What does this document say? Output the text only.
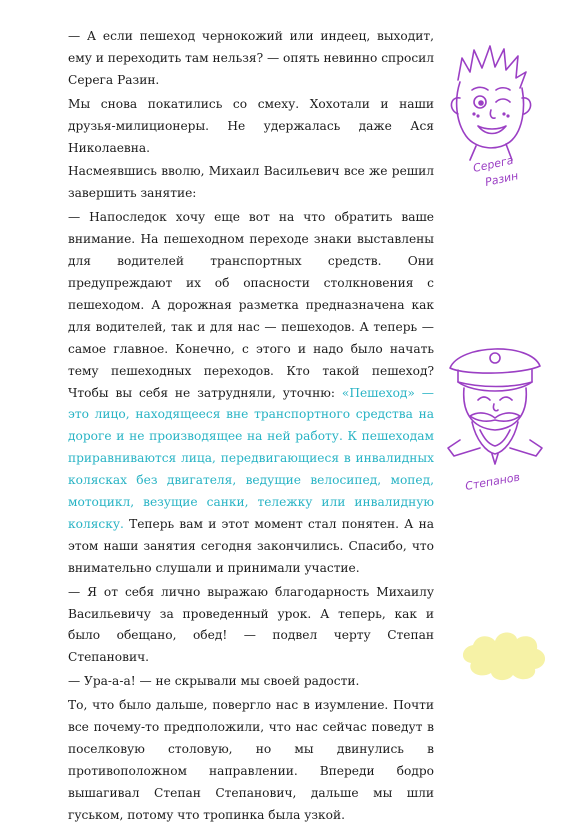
— А если пешеход чернокожий или индеец, выходит, ему и переходить там нельзя? — опять невинно спросил Серега Разин.

Мы снова покатились со смеху. Хохотали и наши друзья-милиционеры. Не удержалась даже Ася Николаевна.

Насмеявшись вволю, Михаил Васильевич все же решил завершить занятие:

— Напоследок хочу еще вот на что обратить ваше внимание. На пешеходном переходе знаки выставлены для водителей транспортных средств. Они предупреждают их об опасности столкновения с пешеходом. А дорожная разметка предназначена как для водителей, так и для нас — пешеходов. А теперь — самое главное. Конечно, с этого и надо было начать тему пешеходных переходов. Кто такой пешеход? Чтобы вы себя не затрудняли, уточню: «Пешеход» — это лицо, находящееся вне транспортного средства на дороге и не производящее на ней работу. К пешеходам приравниваются лица, передвигающиеся в инвалидных колясках без двигателя, ведущие велосипед, мопед, мотоцикл, везущие санки, тележку или инвалидную коляску. Теперь вам и этот момент стал понятен. А на этом наши занятия сегодня закончились. Спасибо, что внимательно слушали и принимали участие.

— Я от себя лично выражаю благодарность Михаилу Васильевичу за проведенный урок. А теперь, как и было обещано, обед! — подвел черту Степан Степанович.

— Ура-а-а! — не скрывали мы своей радости.

То, что было дальше, повергло нас в изумление. Почти все почему-то предположили, что нас сейчас поведут в поселковую столовую, но мы двинулись в противоположном направлении. Впереди бодро вышагивал Степан Степанович, дальше мы шли гуськом, потому что тропинка была узкой.

Серега
Разин
Степанов
